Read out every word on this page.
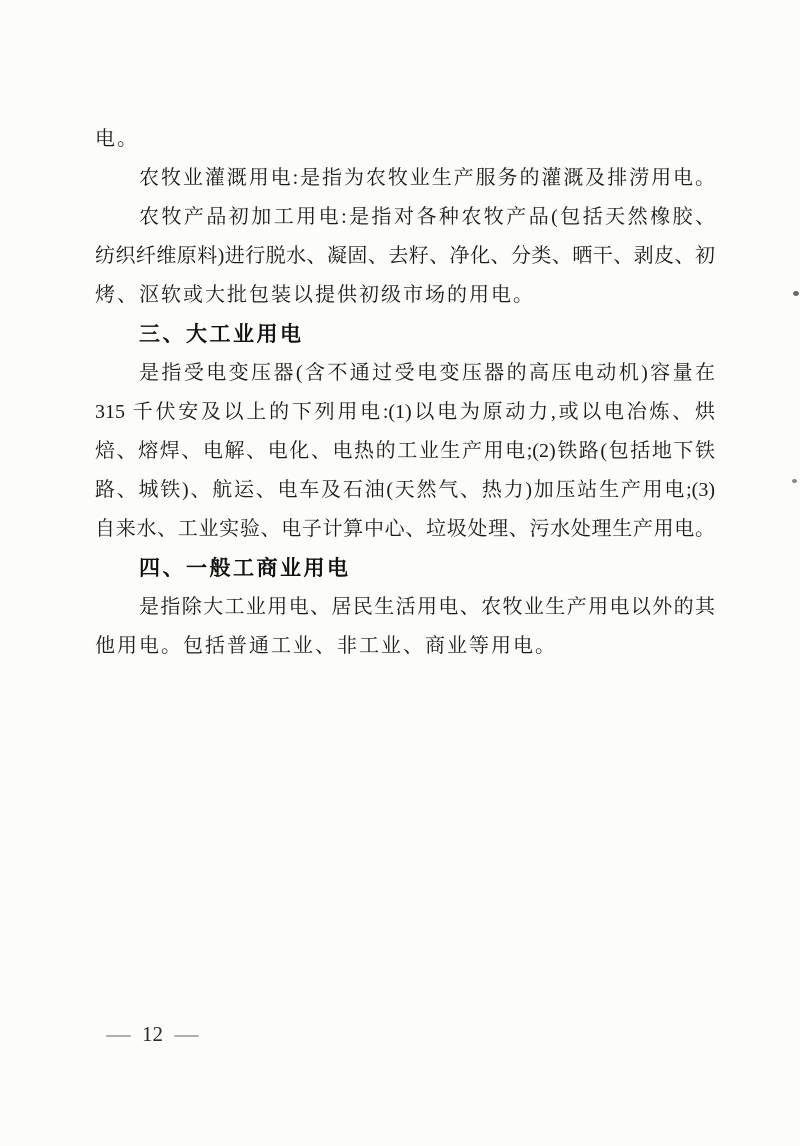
电。
农牧业灌溉用电:是指为农牧业生产服务的灌溉及排涝用电。
农牧产品初加工用电:是指对各种农牧产品(包括天然橡胶、
纺织纤维原料)进行脱水、凝固、去籽、净化、分类、晒干、剥皮、初
烤、沤软或大批包装以提供初级市场的用电。
三、大工业用电
是指受电变压器(含不通过受电变压器的高压电动机)容量在
315 千伏安及以上的下列用电:(1)以电为原动力,或以电冶炼、烘
焙、熔焊、电解、电化、电热的工业生产用电;(2)铁路(包括地下铁
路、城铁)、航运、电车及石油(天然气、热力)加压站生产用电;(3)
自来水、工业实验、电子计算中心、垃圾处理、污水处理生产用电。
四、一般工商业用电
是指除大工业用电、居民生活用电、农牧业生产用电以外的其
他用电。包括普通工业、非工业、商业等用电。
— 12 —
